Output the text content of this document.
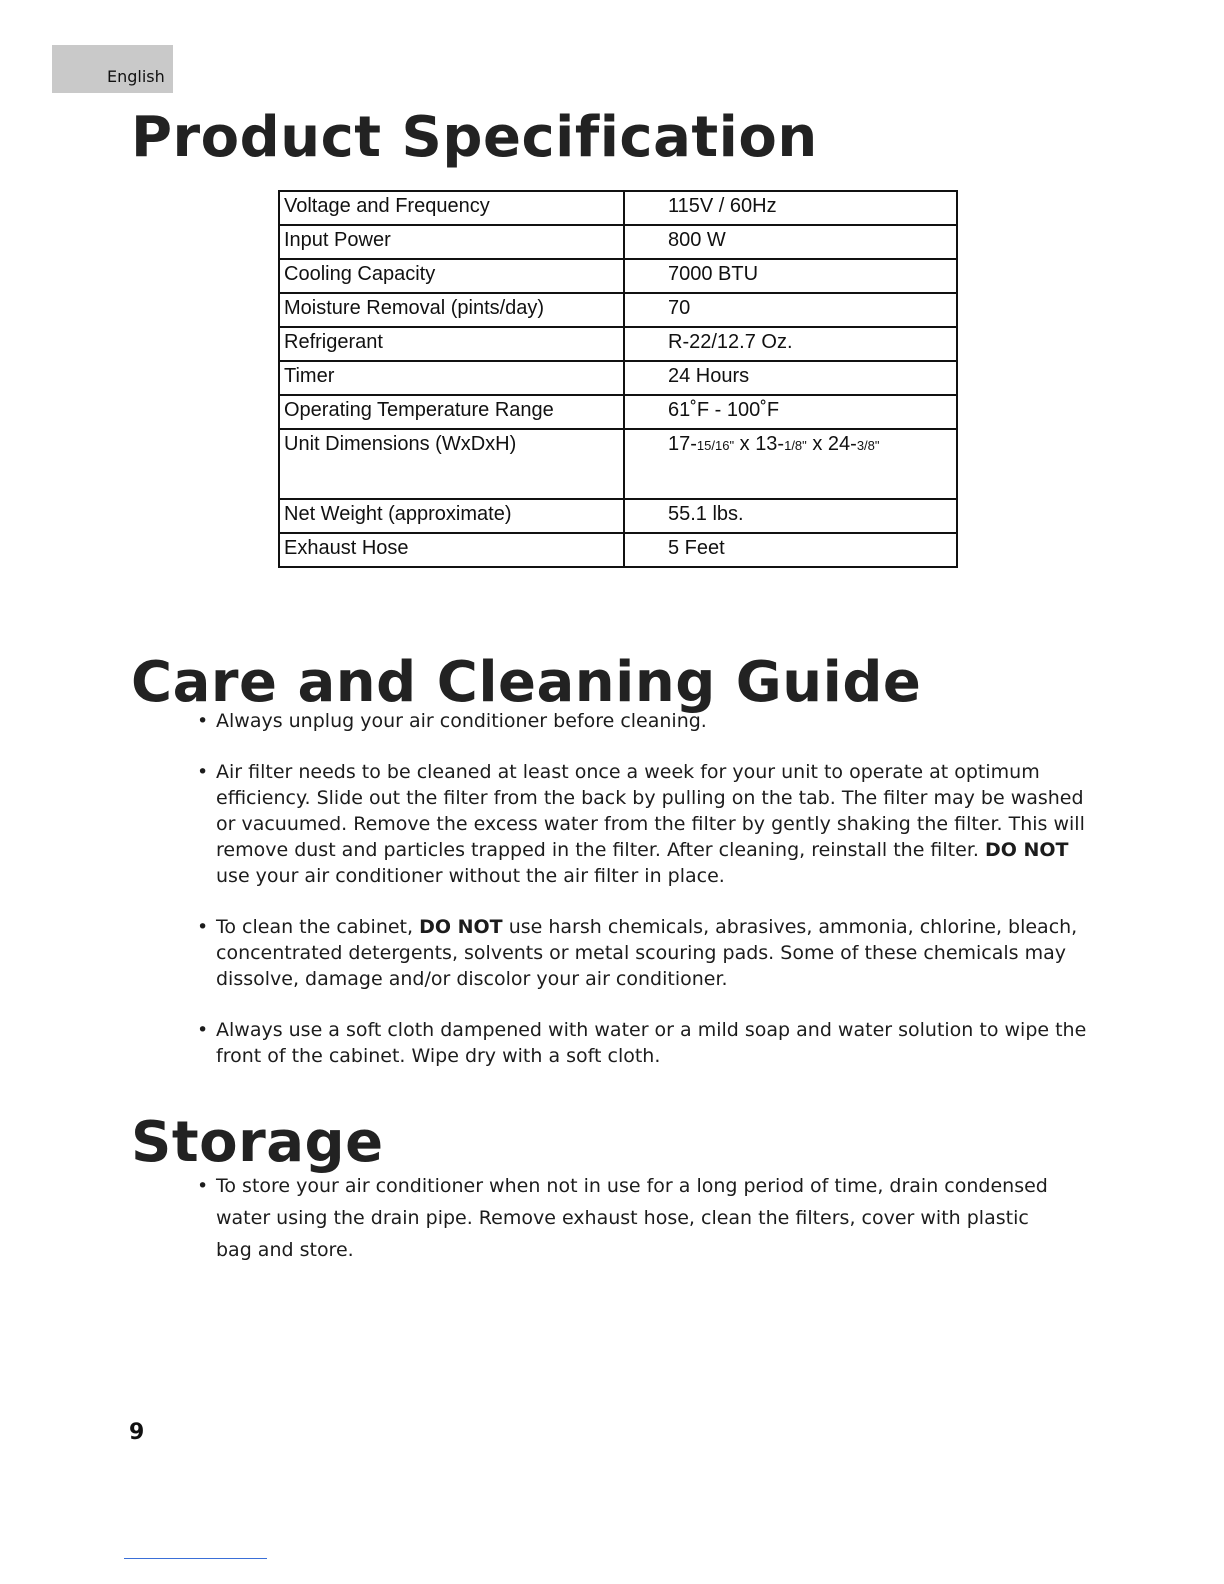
English
Product Specification
Voltage and Frequency	115V / 60Hz
Input Power	800 W
Cooling Capacity	7000 BTU
Moisture Removal (pints/day)	70
Refrigerant	R-22/12.7 Oz.
Timer	24 Hours
Operating Temperature Range	61˚F - 100˚F
Unit Dimensions (WxDxH)	17-15/16" x 13-1/8" x 24-3/8"
Net Weight (approximate)	55.1 lbs.
Exhaust Hose	5 Feet
Care and Cleaning Guide
• Always unplug your air conditioner before cleaning.
• Air filter needs to be cleaned at least once a week for your unit to operate at optimum efficiency. Slide out the filter from the back by pulling on the tab. The filter may be washed or vacuumed. Remove the excess water from the filter by gently shaking the filter. This will remove dust and particles trapped in the filter. After cleaning, reinstall the filter. DO NOT use your air conditioner without the air filter in place.
• To clean the cabinet, DO NOT use harsh chemicals, abrasives, ammonia, chlorine, bleach, concentrated detergents, solvents or metal scouring pads. Some of these chemicals may dissolve, damage and/or discolor your air conditioner.
• Always use a soft cloth dampened with water or a mild soap and water solution to wipe the front of the cabinet. Wipe dry with a soft cloth.
Storage
• To store your air conditioner when not in use for a long period of time, drain condensed water using the drain pipe. Remove exhaust hose, clean the filters, cover with plastic bag and store.
9
